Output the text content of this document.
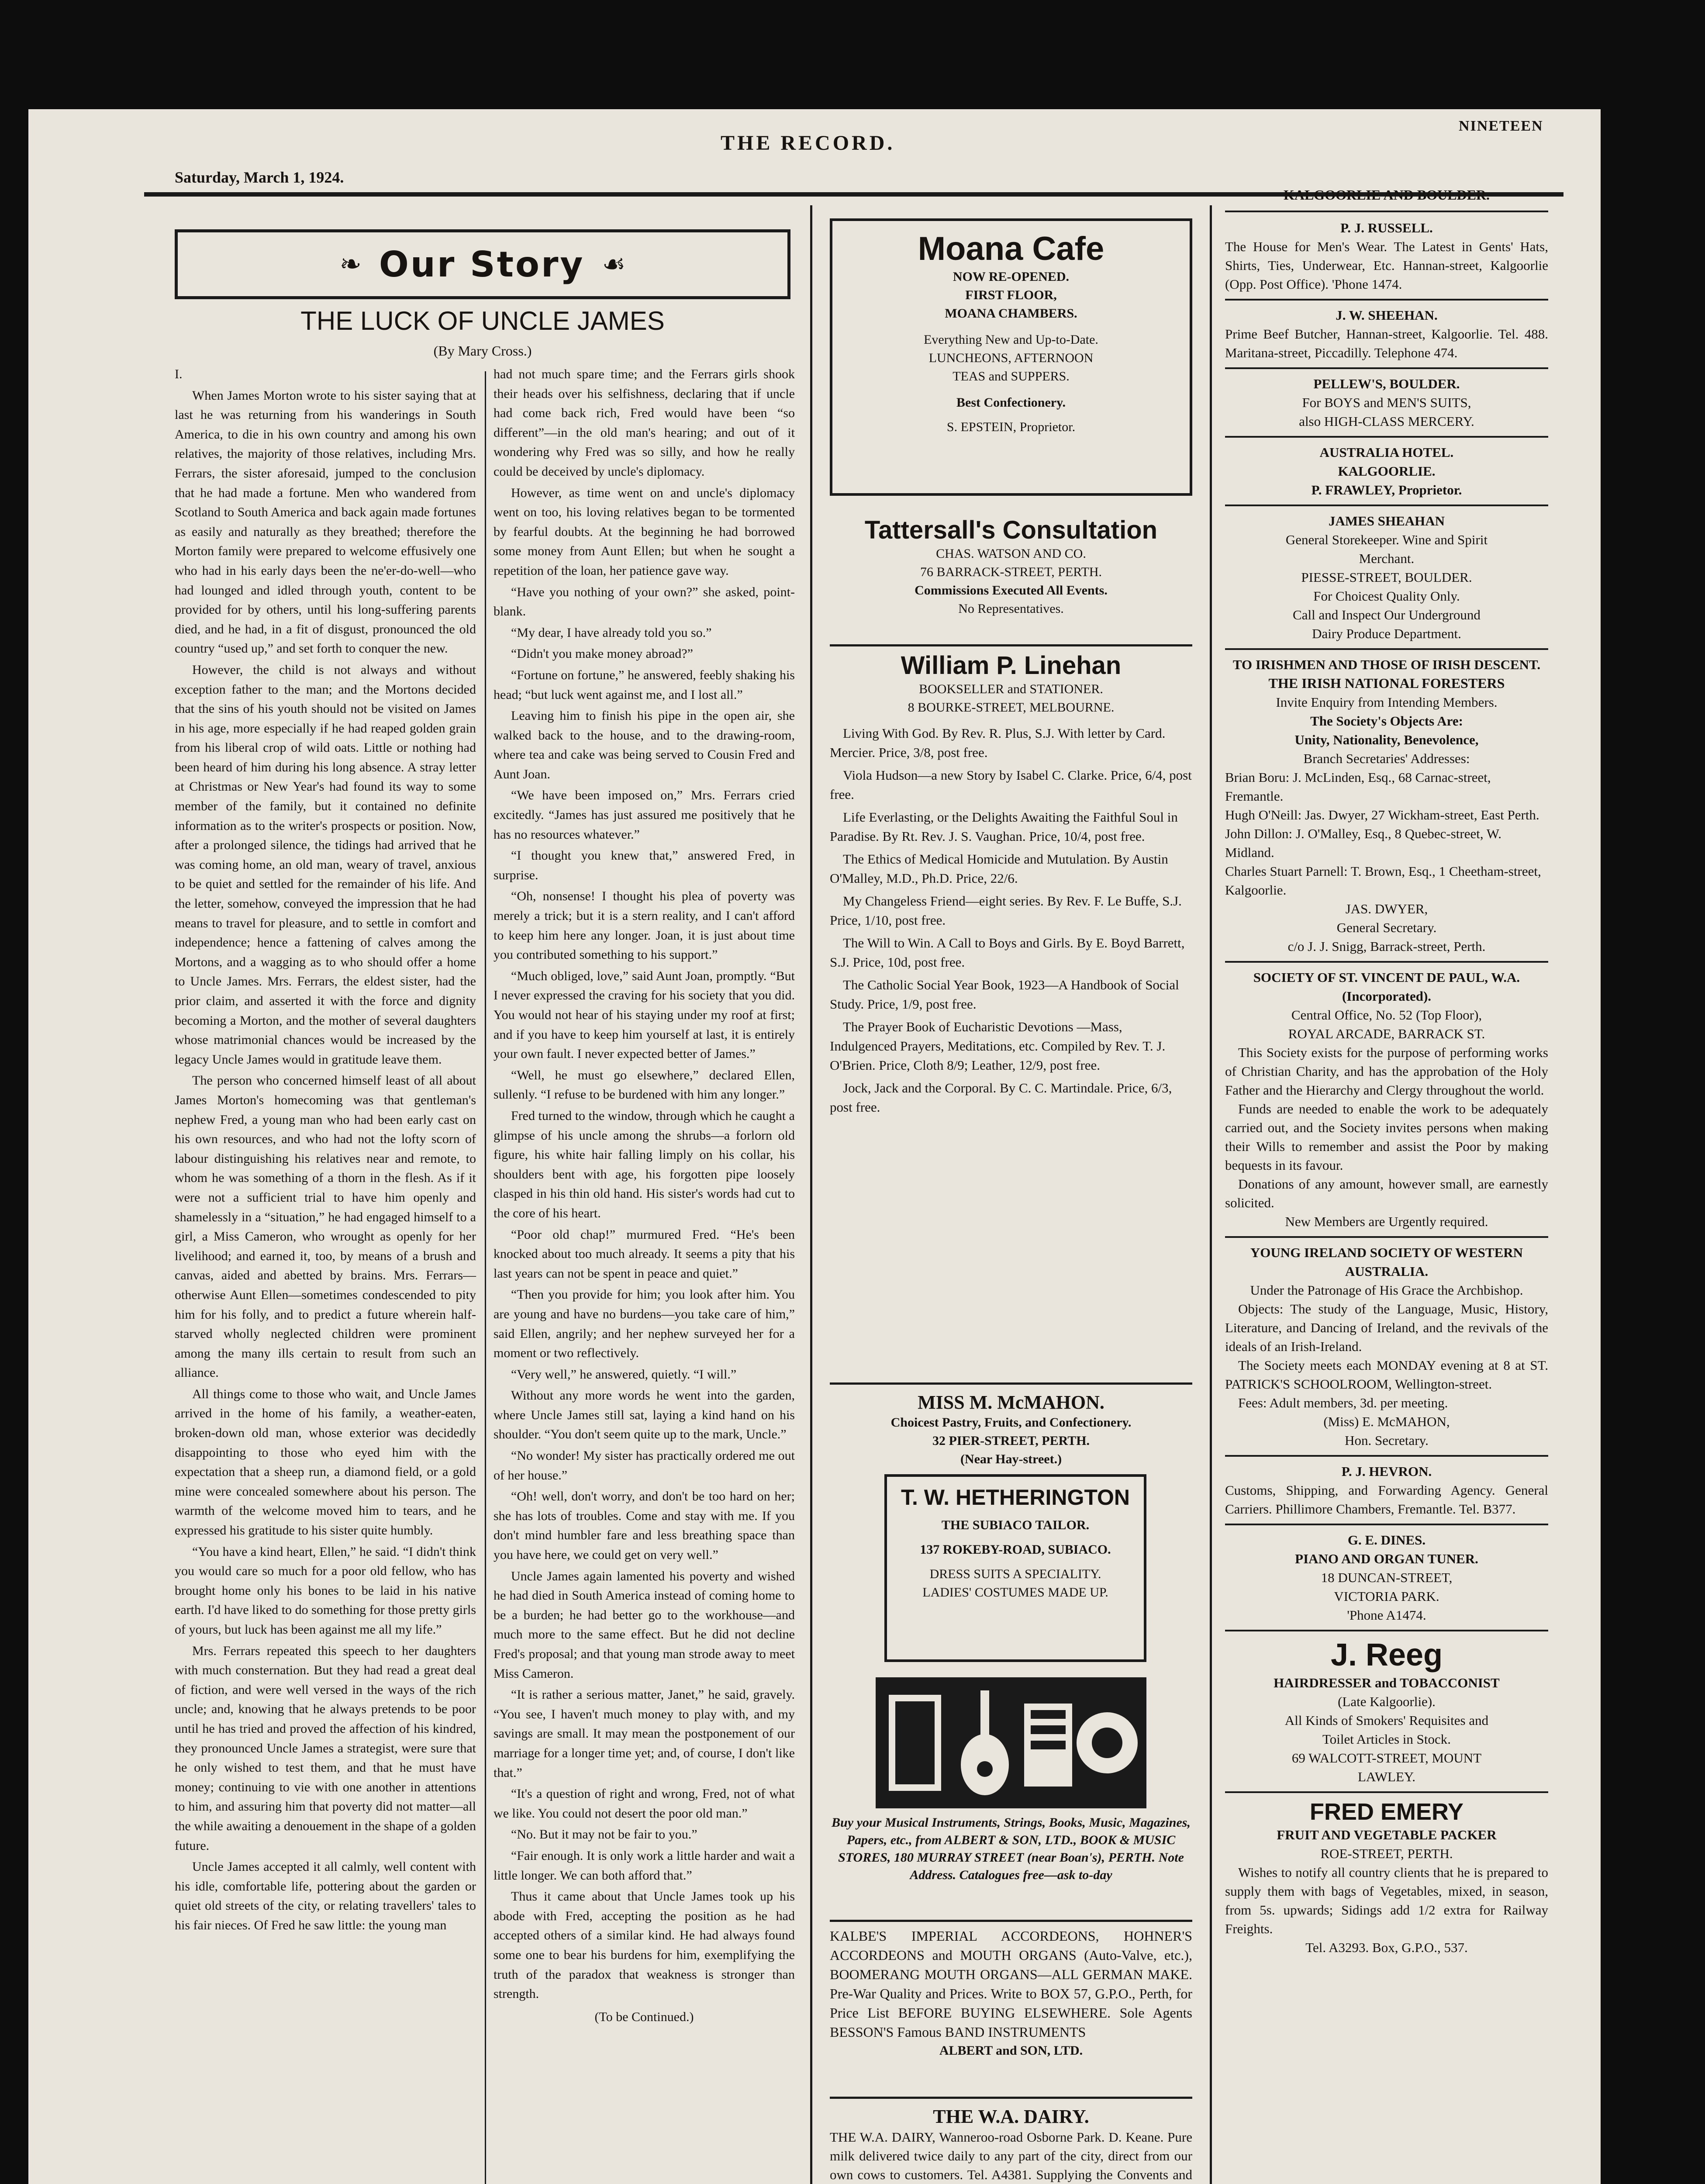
Saturday, March 1, 1924.
THE RECORD.
NINETEEN
❧ Our Story ☙
THE LUCK OF UNCLE JAMES
(By Mary Cross.)

I.

When James Morton wrote to his sister saying that at last he was returning from his wanderings in South America, to die in his own country and among his own relatives, the majority of those relatives, including Mrs. Ferrars, the sister aforesaid, jumped to the conclusion that he had made a fortune. Men who wandered from Scotland to South America and back again made fortunes as easily and naturally as they breathed; therefore the Morton family were prepared to welcome effusively one who had in his early days been the ne'er-do-well—who had lounged and idled through youth, content to be provided for by others, until his long-suffering parents died, and he had, in a fit of disgust, pronounced the old country “used up,” and set forth to conquer the new.

However, the child is not always and without exception father to the man; and the Mortons decided that the sins of his youth should not be visited on James in his age, more especially if he had reaped golden grain from his liberal crop of wild oats. Little or nothing had been heard of him during his long absence. A stray letter at Christmas or New Year's had found its way to some member of the family, but it contained no definite information as to the writer's prospects or position. Now, after a prolonged silence, the tidings had arrived that he was coming home, an old man, weary of travel, anxious to be quiet and settled for the remainder of his life. And the letter, somehow, conveyed the impression that he had means to travel for pleasure, and to settle in comfort and independence; hence a fattening of calves among the Mortons, and a wagging as to who should offer a home to Uncle James. Mrs. Ferrars, the eldest sister, had the prior claim, and asserted it with the force and dignity becoming a Morton, and the mother of several daughters whose matrimonial chances would be increased by the legacy Uncle James would in gratitude leave them.

The person who concerned himself least of all about James Morton's homecoming was that gentleman's nephew Fred, a young man who had been early cast on his own resources, and who had not the lofty scorn of labour distinguishing his relatives near and remote, to whom he was something of a thorn in the flesh. As if it were not a sufficient trial to have him openly and shamelessly in a “situation,” he had engaged himself to a girl, a Miss Cameron, who wrought as openly for her livelihood; and earned it, too, by means of a brush and canvas, aided and abetted by brains. Mrs. Ferrars—otherwise Aunt Ellen—sometimes condescended to pity him for his folly, and to predict a future wherein half-starved wholly neglected children were prominent among the many ills certain to result from such an alliance.

All things come to those who wait, and Uncle James arrived in the home of his family, a weather-eaten, broken-down old man, whose exterior was decidedly disappointing to those who eyed him with the expectation that a sheep run, a diamond field, or a gold mine were concealed somewhere about his person. The warmth of the welcome moved him to tears, and he expressed his gratitude to his sister quite humbly.

“You have a kind heart, Ellen,” he said. “I didn't think you would care so much for a poor old fellow, who has brought home only his bones to be laid in his native earth. I'd have liked to do something for those pretty girls of yours, but luck has been against me all my life.”

Mrs. Ferrars repeated this speech to her daughters with much consternation. But they had read a great deal of fiction, and were well versed in the ways of the rich uncle; and, knowing that he always pretends to be poor until he has tried and proved the affection of his kindred, they pronounced Uncle James a strategist, were sure that he only wished to test them, and that he must have money; continuing to vie with one another in attentions to him, and assuring him that poverty did not matter—all the while awaiting a denouement in the shape of a golden future.

Uncle James accepted it all calmly, well content with his idle, comfortable life, pottering about the garden or quiet old streets of the city, or relating travellers' tales to his fair nieces. Of Fred he saw little: the young man

had not much spare time; and the Ferrars girls shook their heads over his selfishness, declaring that if uncle had come back rich, Fred would have been “so different”—in the old man's hearing; and out of it wondering why Fred was so silly, and how he really could be deceived by uncle's diplomacy.

However, as time went on and uncle's diplomacy went on too, his loving relatives began to be tormented by fearful doubts. At the beginning he had borrowed some money from Aunt Ellen; but when he sought a repetition of the loan, her patience gave way.

“Have you nothing of your own?” she asked, point-blank.

“My dear, I have already told you so.”

“Didn't you make money abroad?”

“Fortune on fortune,” he answered, feebly shaking his head; “but luck went against me, and I lost all.”

Leaving him to finish his pipe in the open air, she walked back to the house, and to the drawing-room, where tea and cake was being served to Cousin Fred and Aunt Joan.

“We have been imposed on,” Mrs. Ferrars cried excitedly. “James has just assured me positively that he has no resources whatever.”

“I thought you knew that,” answered Fred, in surprise.

“Oh, nonsense! I thought his plea of poverty was merely a trick; but it is a stern reality, and I can't afford to keep him here any longer. Joan, it is just about time you contributed something to his support.”

“Much obliged, love,” said Aunt Joan, promptly. “But I never expressed the craving for his society that you did. You would not hear of his staying under my roof at first; and if you have to keep him yourself at last, it is entirely your own fault. I never expected better of James.”

“Well, he must go elsewhere,” declared Ellen, sullenly. “I refuse to be burdened with him any longer.”

Fred turned to the window, through which he caught a glimpse of his uncle among the shrubs—a forlorn old figure, his white hair falling limply on his collar, his shoulders bent with age, his forgotten pipe loosely clasped in his thin old hand. His sister's words had cut to the core of his heart.

“Poor old chap!” murmured Fred. “He's been knocked about too much already. It seems a pity that his last years can not be spent in peace and quiet.”

“Then you provide for him; you look after him. You are young and have no burdens—you take care of him,” said Ellen, angrily; and her nephew surveyed her for a moment or two reflectively.

“Very well,” he answered, quietly. “I will.”

Without any more words he went into the garden, where Uncle James still sat, laying a kind hand on his shoulder. “You don't seem quite up to the mark, Uncle.”

“No wonder! My sister has practically ordered me out of her house.”

“Oh! well, don't worry, and don't be too hard on her; she has lots of troubles. Come and stay with me. If you don't mind humbler fare and less breathing space than you have here, we could get on very well.”

Uncle James again lamented his poverty and wished he had died in South America instead of coming home to be a burden; he had better go to the workhouse—and much more to the same effect. But he did not decline Fred's proposal; and that young man strode away to meet Miss Cameron.

“It is rather a serious matter, Janet,” he said, gravely. “You see, I haven't much money to play with, and my savings are small. It may mean the postponement of our marriage for a longer time yet; and, of course, I don't like that.”

“It's a question of right and wrong, Fred, not of what we like. You could not desert the poor old man.”

“No. But it may not be fair to you.”

“Fair enough. It is only work a little harder and wait a little longer. We can both afford that.”

Thus it came about that Uncle James took up his abode with Fred, accepting the position as he had accepted others of a similar kind. He had always found some one to bear his burdens for him, exemplifying the truth of the paradox that weakness is stronger than strength.

(To be Continued.)

Moana Cafe
NOW RE-OPENED.
FIRST FLOOR,
MOANA CHAMBERS.
Everything New and Up-to-Date.
LUNCHEONS, AFTERNOON
TEAS and SUPPERS.
Best Confectionery.
S. EPSTEIN, Proprietor.
Tattersall's Consultation
CHAS. WATSON AND CO.
76 BARRACK-STREET, PERTH.
Commissions Executed All Events.
No Representatives.
William P. Linehan
BOOKSELLER and STATIONER.
8 BOURKE-STREET, MELBOURNE.

Living With God. By Rev. R. Plus, S.J. With letter by Card. Mercier. Price, 3/8, post free.

Viola Hudson—a new Story by Isabel C. Clarke. Price, 6/4, post free.

Life Everlasting, or the Delights Awaiting the Faithful Soul in Paradise. By Rt. Rev. J. S. Vaughan. Price, 10/4, post free.

The Ethics of Medical Homicide and Mutulation. By Austin O'Malley, M.D., Ph.D. Price, 22/6.

My Changeless Friend—eight series. By Rev. F. Le Buffe, S.J. Price, 1/10, post free.

The Will to Win. A Call to Boys and Girls. By E. Boyd Barrett, S.J. Price, 10d, post free.

The Catholic Social Year Book, 1923—A Handbook of Social Study. Price, 1/9, post free.

The Prayer Book of Eucharistic Devotions —Mass, Indulgenced Prayers, Meditations, etc. Compiled by Rev. T. J. O'Brien. Price, Cloth 8/9; Leather, 12/9, post free.

Jock, Jack and the Corporal. By C. C. Martindale. Price, 6/3, post free.

MISS M. McMAHON.
Choicest Pastry, Fruits, and Confectionery.
32 PIER-STREET, PERTH.
(Near Hay-street.)
T. W. HETHERINGTON
THE SUBIACO TAILOR.
137 ROKEBY-ROAD, SUBIACO.
DRESS SUITS A SPECIALITY.
LADIES' COSTUMES MADE UP.
Buy your Musical Instruments, Strings, Books, Music, Magazines, Papers, etc., from ALBERT & SON, LTD., BOOK & MUSIC STORES, 180 MURRAY STREET (near Boan's), PERTH. Note Address. Catalogues free—ask to-day
KALBE'S IMPERIAL ACCORDEONS, HOHNER'S ACCORDEONS and MOUTH ORGANS (Auto-Valve, etc.), BOOMERANG MOUTH ORGANS—ALL GERMAN MAKE. Pre-War Quality and Prices. Write to BOX 57, G.P.O., Perth, for Price List BEFORE BUYING ELSEWHERE. Sole Agents BESSON'S Famous BAND INSTRUMENTS
ALBERT and SON, LTD.
THE W.A. DAIRY.
THE W.A. DAIRY, Wanneroo-road Osborne Park. D. Keane. Pure milk delivered twice daily to any part of the city, direct from our own cows to customers. Tel. A4381. Supplying the Convents and
KALGOORLIE AND BOULDER.
P. J. RUSSELL.

The House for Men's Wear. The Latest in Gents' Hats, Shirts, Ties, Underwear, Etc. Hannan-street, Kalgoorlie (Opp. Post Office). 'Phone 1474.

J. W. SHEEHAN.

Prime Beef Butcher, Hannan-street, Kalgoorlie. Tel. 488. Maritana-street, Piccadilly. Telephone 474.

PELLEW'S, BOULDER.

For BOYS and MEN'S SUITS,

also HIGH-CLASS MERCERY.

AUSTRALIA HOTEL.

KALGOORLIE.

P. FRAWLEY, Proprietor.

JAMES SHEAHAN

General Storekeeper. Wine and Spirit

Merchant.

PIESSE-STREET, BOULDER.

For Choicest Quality Only.

Call and Inspect Our Underground

Dairy Produce Department.

TO IRISHMEN AND THOSE OF IRISH DESCENT.

THE IRISH NATIONAL FORESTERS

Invite Enquiry from Intending Members.

The Society's Objects Are:

Unity, Nationality, Benevolence,

Branch Secretaries' Addresses:

Brian Boru: J. McLinden, Esq., 68 Carnac-street, Fremantle.

Hugh O'Neill: Jas. Dwyer, 27 Wickham-street, East Perth.

John Dillon: J. O'Malley, Esq., 8 Quebec-street, W. Midland.

Charles Stuart Parnell: T. Brown, Esq., 1 Cheetham-street, Kalgoorlie.

JAS. DWYER,

General Secretary.

c/o J. J. Snigg, Barrack-street, Perth.

SOCIETY OF ST. VINCENT DE PAUL, W.A. (Incorporated).

Central Office, No. 52 (Top Floor),

ROYAL ARCADE, BARRACK ST.

This Society exists for the purpose of performing works of Christian Charity, and has the approbation of the Holy Father and the Hierarchy and Clergy throughout the world.

Funds are needed to enable the work to be adequately carried out, and the Society invites persons when making their Wills to remember and assist the Poor by making bequests in its favour.

Donations of any amount, however small, are earnestly solicited.

New Members are Urgently required.

YOUNG IRELAND SOCIETY OF WESTERN AUSTRALIA.

Under the Patronage of His Grace the Archbishop.

Objects: The study of the Language, Music, History, Literature, and Dancing of Ireland, and the revivals of the ideals of an Irish-Ireland.

The Society meets each MONDAY evening at 8 at ST. PATRICK'S SCHOOLROOM, Wellington-street.

Fees: Adult members, 3d. per meeting.

(Miss) E. McMAHON,

Hon. Secretary.

P. J. HEVRON.

Customs, Shipping, and Forwarding Agency. General Carriers. Phillimore Chambers, Fremantle. Tel. B377.

G. E. DINES.

PIANO AND ORGAN TUNER.

18 DUNCAN-STREET,

VICTORIA PARK.

'Phone A1474.

J. Reeg

HAIRDRESSER and TOBACCONIST

(Late Kalgoorlie).

All Kinds of Smokers' Requisites and

Toilet Articles in Stock.

69 WALCOTT-STREET, MOUNT

LAWLEY.

FRED EMERY

FRUIT AND VEGETABLE PACKER

ROE-STREET, PERTH.

Wishes to notify all country clients that he is prepared to supply them with bags of Vegetables, mixed, in season, from 5s. upwards; Sidings add 1/2 extra for Railway Freights.

Tel. A3293. Box, G.P.O., 537.
